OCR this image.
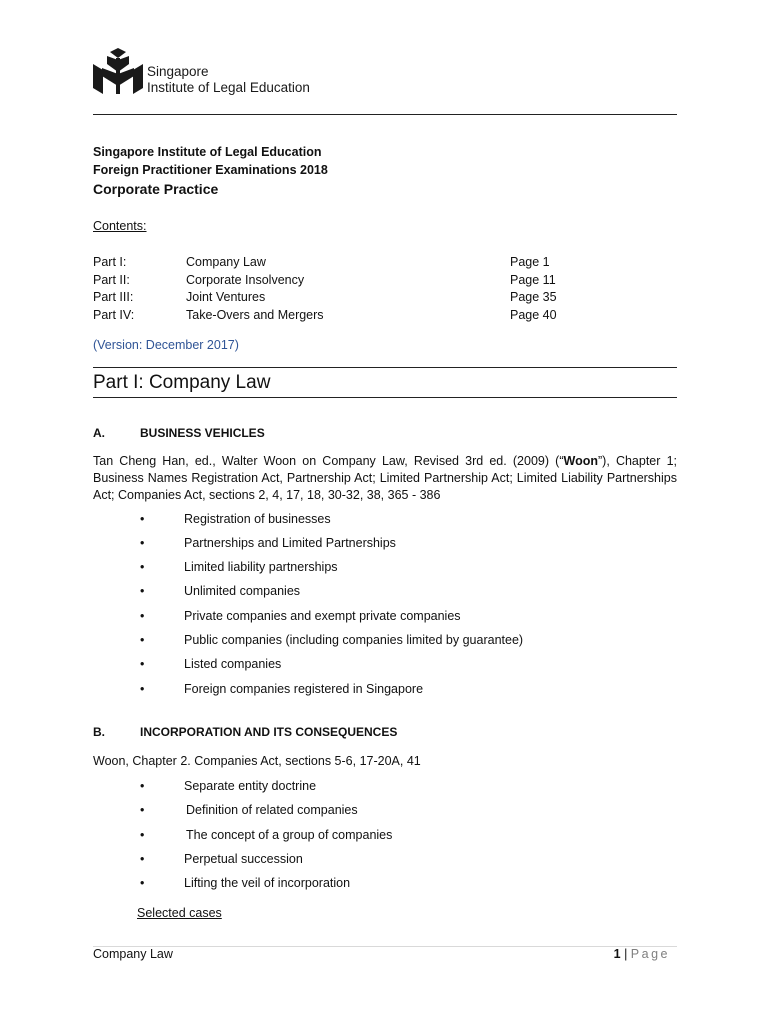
Singapore
Institute of Legal Education
Singapore Institute of Legal Education
Foreign Practitioner Examinations 2018
Corporate Practice
Contents:
Part I:	Company Law	Page 1
Part II:	Corporate Insolvency	Page 11
Part III:	Joint Ventures	Page 35
Part IV:	Take-Overs and Mergers	Page 40
(Version: December 2017)
Part I: Company Law
A.	BUSINESS VEHICLES
Tan Cheng Han, ed., Walter Woon on Company Law, Revised 3rd ed. (2009) (“Woon”), Chapter 1; Business Names Registration Act, Partnership Act; Limited Partnership Act; Limited Liability Partnerships Act; Companies Act, sections 2, 4, 17, 18, 30-32, 38, 365 - 386
•	Registration of businesses
•	Partnerships and Limited Partnerships
•	Limited liability partnerships
•	Unlimited companies
•	Private companies and exempt private companies
•	Public companies (including companies limited by guarantee)
•	Listed companies
•	Foreign companies registered in Singapore
B.	INCORPORATION AND ITS CONSEQUENCES
Woon, Chapter 2. Companies Act, sections 5-6, 17-20A, 41
•	Separate entity doctrine
•	Definition of related companies
•	The concept of a group of companies
•	Perpetual succession
•	Lifting the veil of incorporation
Selected cases
Company Law	1 | Page
